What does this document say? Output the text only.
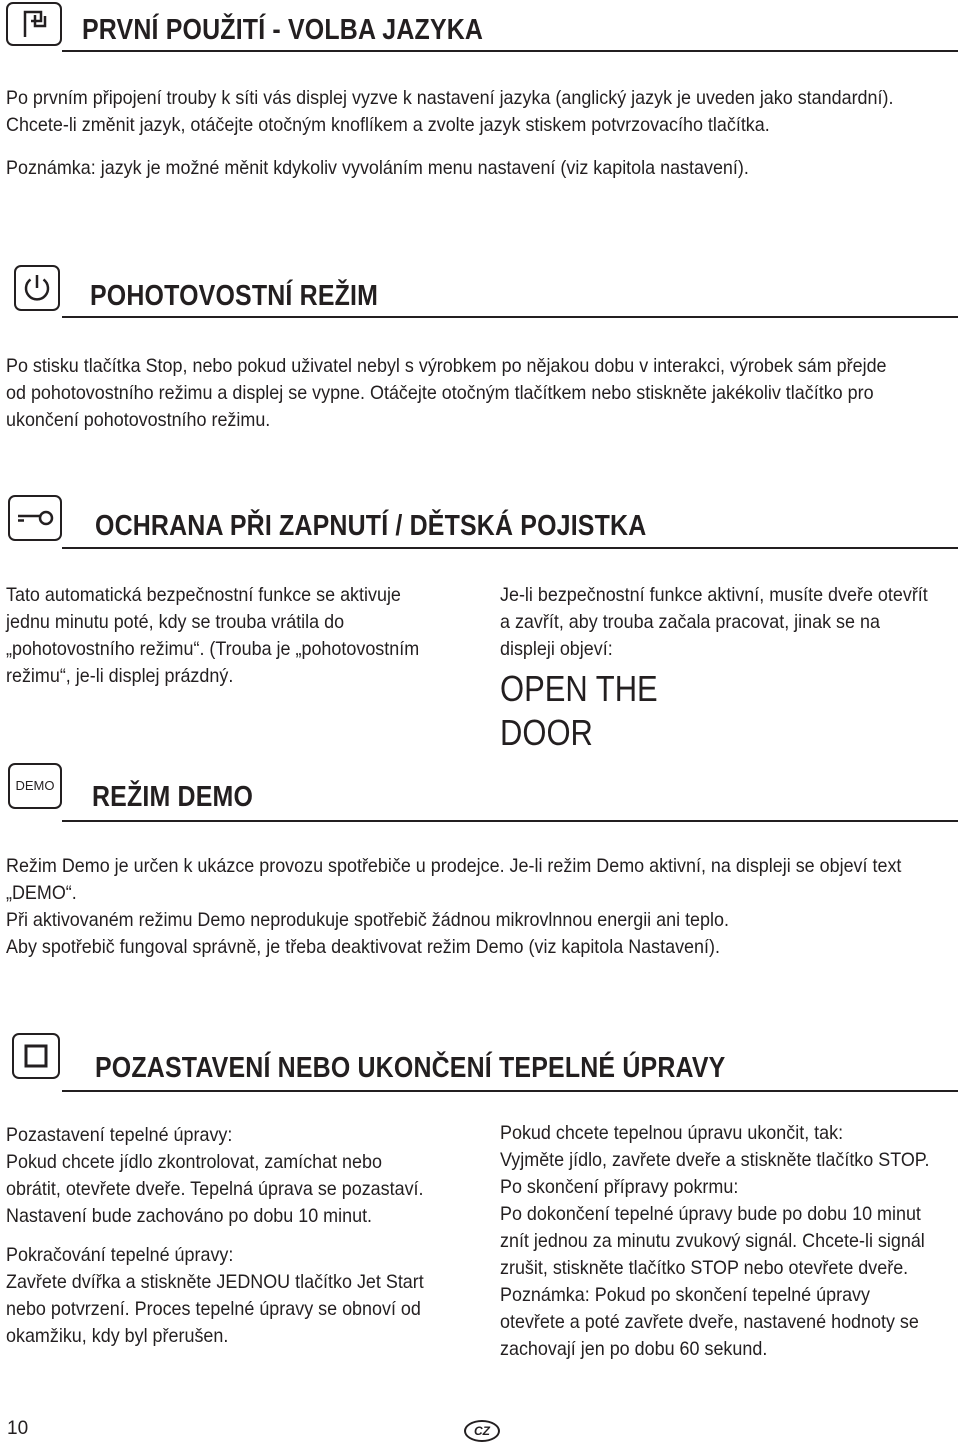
PRVNÍ POUŽITÍ - VOLBA JAZYKA

Po prvním připojení trouby k síti vás displej vyzve k nastavení jazyka (anglický jazyk je uveden jako standardní).

Chcete-li změnit jazyk, otáčejte otočným knoflíkem a zvolte jazyk stiskem potvrzovacího tlačítka.

Poznámka: jazyk je možné měnit kdykoliv vyvoláním menu nastavení (viz kapitola nastavení).

POHOTOVOSTNÍ REŽIM

Po stisku tlačítka Stop, nebo pokud uživatel nebyl s výrobkem po nějakou dobu v interakci, výrobek sám přejde

od pohotovostního režimu a displej se vypne. Otáčejte otočným tlačítkem nebo stiskněte jakékoliv tlačítko pro

ukončení pohotovostního režimu.

OCHRANA PŘI ZAPNUTÍ / DĚTSKÁ POJISTKA

Tato automatická bezpečnostní funkce se aktivuje

jednu minutu poté, kdy se trouba vrátila do

„pohotovostního režimu“. (Trouba je „pohotovostním

režimu“, je-li displej prázdný.

Je-li bezpečnostní funkce aktivní, musíte dveře otevřít

a zavřít, aby trouba začala pracovat, jinak se na

displeji objeví:

OPEN THE
DOOR
DEMO REŽIM DEMO

Režim Demo je určen k ukázce provozu spotřebiče u prodejce. Je-li režim Demo aktivní, na displeji se objeví text

„DEMO“.

Při aktivovaném režimu Demo neprodukuje spotřebič žádnou mikrovlnnou energii ani teplo.

Aby spotřebič fungoval správně, je třeba deaktivovat režim Demo (viz kapitola Nastavení).

POZASTAVENÍ NEBO UKONČENÍ TEPELNÉ ÚPRAVY

Pozastavení tepelné úpravy:

Pokud chcete jídlo zkontrolovat, zamíchat nebo

obrátit, otevřete dveře. Tepelná úprava se pozastaví.

Nastavení bude zachováno po dobu 10 minut.

Pokračování tepelné úpravy:

Zavřete dvířka a stiskněte JEDNOU tlačítko Jet Start

nebo potvrzení. Proces tepelné úpravy se obnoví od

okamžiku, kdy byl přerušen.

Pokud chcete tepelnou úpravu ukončit, tak:

Vyjměte jídlo, zavřete dveře a stiskněte tlačítko STOP.

Po skončení přípravy pokrmu:

Po dokončení tepelné úpravy bude po dobu 10 minut

znít jednou za minutu zvukový signál. Chcete-li signál

zrušit, stiskněte tlačítko STOP nebo otevřete dveře.

Poznámka: Pokud po skončení tepelné úpravy

otevřete a poté zavřete dveře, nastavené hodnoty se

zachovají jen po dobu 60 sekund.

10	CZ
